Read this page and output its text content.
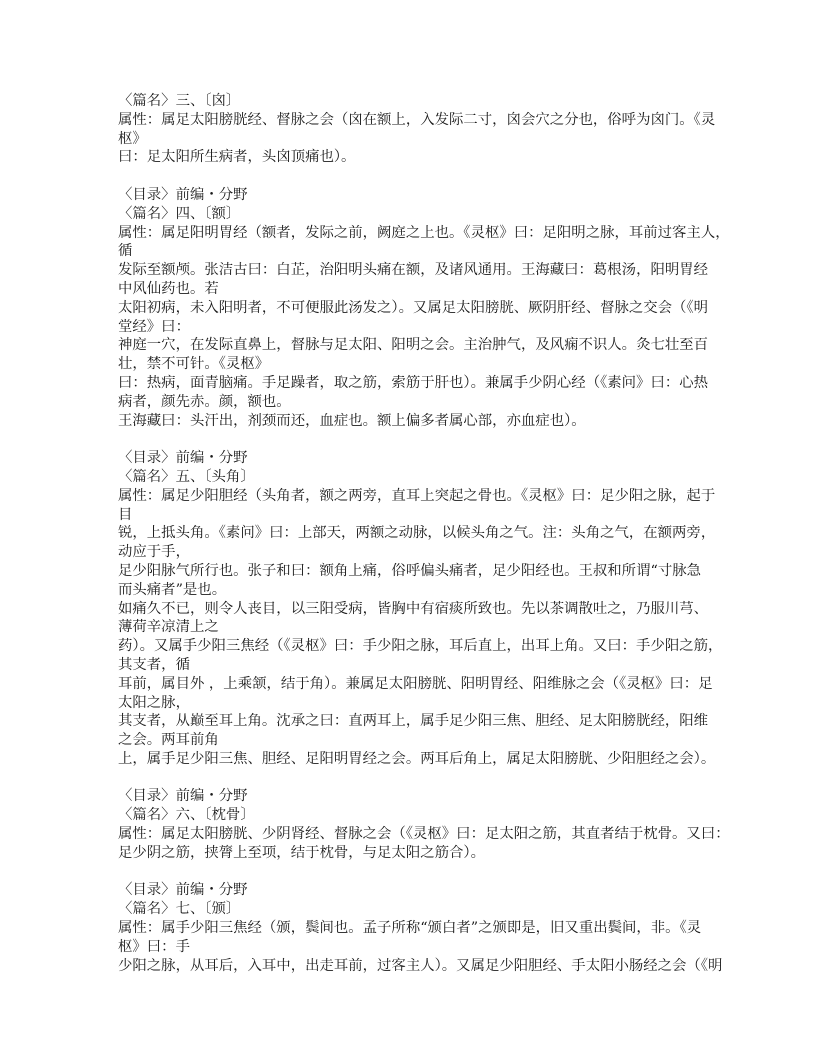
〈篇名〉三、〔囟〕
属性：属足太阳膀胱经、督脉之会（囟在额上，入发际二寸，囟会穴之分也，俗呼为囟门。《灵
枢》
曰：足太阳所生病者，头囟顶痛也）。
〈目录〉前编・分野
〈篇名〉四、〔额〕
属性：属足阳明胃经（额者，发际之前，阙庭之上也。《灵枢》曰：足阳明之脉，耳前过客主人，
循
发际至额颅。张洁古曰：白芷，治阳明头痛在额，及诸风通用。王海藏曰：葛根汤，阳明胃经
中风仙药也。若
太阳初病，未入阳明者，不可便服此汤发之）。又属足太阳膀胱、厥阴肝经、督脉之交会（《明
堂经》曰：
神庭一穴，在发际直鼻上，督脉与足太阳、阳明之会。主治肿气，及风痫不识人。灸七壮至百
壮，禁不可针。《灵枢》
曰：热病，面青脑痛。手足躁者，取之筋，索筋于肝也）。兼属手少阴心经（《素问》曰：心热
病者，颜先赤。颜，额也。
王海藏曰：头汗出，剂颈而还，血症也。额上偏多者属心部，亦血症也）。
〈目录〉前编・分野
〈篇名〉五、〔头角〕
属性：属足少阳胆经（头角者，额之两旁，直耳上突起之骨也。《灵枢》曰：足少阳之脉，起于
目
锐，上抵头角。《素问》曰：上部天，两额之动脉，以候头角之气。注：头角之气，在额两旁，
动应于手，
足少阳脉气所行也。张子和曰：额角上痛，俗呼偏头痛者，足少阳经也。王叔和所谓“寸脉急
而头痛者”是也。
如痛久不已，则令人丧目，以三阳受病，皆胸中有宿痰所致也。先以茶调散吐之，乃服川芎、
薄荷辛凉清上之
药）。又属手少阳三焦经（《灵枢》曰：手少阳之脉，耳后直上，出耳上角。又曰：手少阳之筋，
其支者，循
耳前，属目外 ，上乘颔，结于角）。兼属足太阳膀胱、阳明胃经、阳维脉之会（《灵枢》曰：足
太阳之脉，
其支者，从巅至耳上角。沈承之曰：直两耳上，属手足少阳三焦、胆经、足太阳膀胱经，阳维
之会。两耳前角
上，属手足少阳三焦、胆经、足阳明胃经之会。两耳后角上，属足太阳膀胱、少阳胆经之会）。
〈目录〉前编・分野
〈篇名〉六、〔枕骨〕
属性：属足太阳膀胱、少阴肾经、督脉之会（《灵枢》曰：足太阳之筋，其直者结于枕骨。又曰：
足少阴之筋，挟膂上至项，结于枕骨，与足太阳之筋合）。
〈目录〉前编・分野
〈篇名〉七、〔颁〕
属性：属手少阳三焦经（颁，鬓间也。孟子所称“颁白者”之颁即是，旧又重出鬓间，非。《灵
枢》曰：手
少阳之脉，从耳后，入耳中，出走耳前，过客主人）。又属足少阳胆经、手太阳小肠经之会（《明
